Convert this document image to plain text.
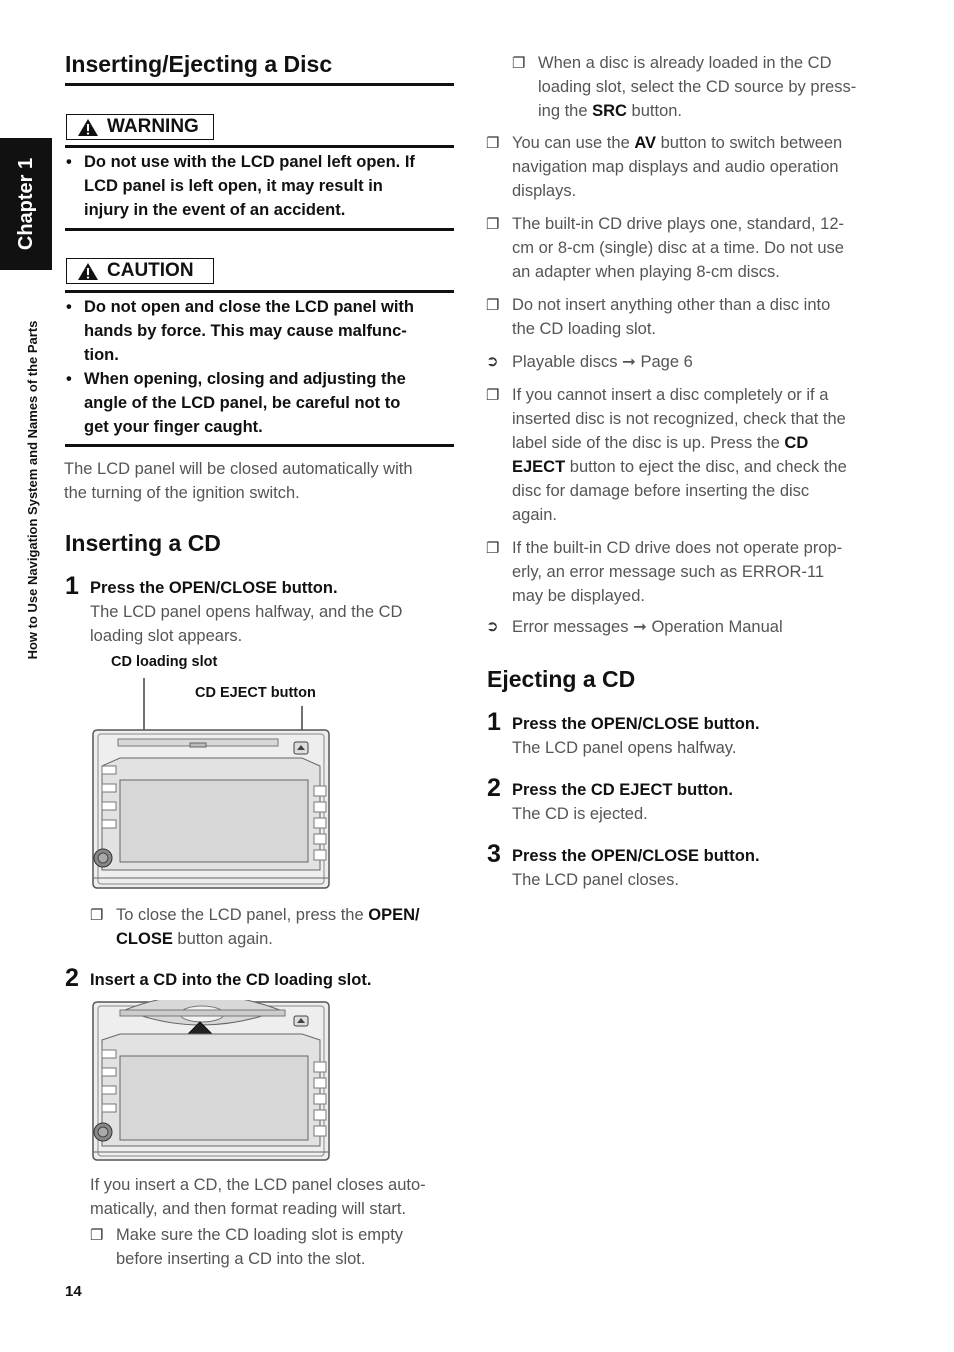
Chapter 1
How to Use Navigation System and Names of the Parts
Inserting/Ejecting a Disc
WARNING
• Do not use with the LCD panel left open. If
LCD panel is left open, it may result in
injury in the event of an accident.
CAUTION
• Do not open and close the LCD panel with
hands by force. This may cause malfunc-
tion.
• When opening, closing and adjusting the
angle of the LCD panel, be careful not to
get your finger caught.
The LCD panel will be closed automatically with
the turning of the ignition switch.
Inserting a CD
1 Press the OPEN/CLOSE button.
The LCD panel opens halfway, and the CD
loading slot appears.
CD loading slot
CD EJECT button
❐ To close the LCD panel, press the OPEN/
CLOSE button again.
2 Insert a CD into the CD loading slot.
If you insert a CD, the LCD panel closes auto-
matically, and then format reading will start.
❐ Make sure the CD loading slot is empty
before inserting a CD into the slot.
14
❐ When a disc is already loaded in the CD
loading slot, select the CD source by press-
ing the SRC button.
❐ You can use the AV button to switch between
navigation map displays and audio operation
displays.
❐ The built-in CD drive plays one, standard, 12-
cm or 8-cm (single) disc at a time. Do not use
an adapter when playing 8-cm discs.
❐ Do not insert anything other than a disc into
the CD loading slot.
➲ Playable discs ➞ Page 6
❐ If you cannot insert a disc completely or if a
inserted disc is not recognized, check that the
label side of the disc is up. Press the CD
EJECT button to eject the disc, and check the
disc for damage before inserting the disc
again.
❐ If the built-in CD drive does not operate prop-
erly, an error message such as ERROR-11
may be displayed.
➲ Error messages ➞ Operation Manual
Ejecting a CD
1 Press the OPEN/CLOSE button.
The LCD panel opens halfway.
2 Press the CD EJECT button.
The CD is ejected.
3 Press the OPEN/CLOSE button.
The LCD panel closes.
